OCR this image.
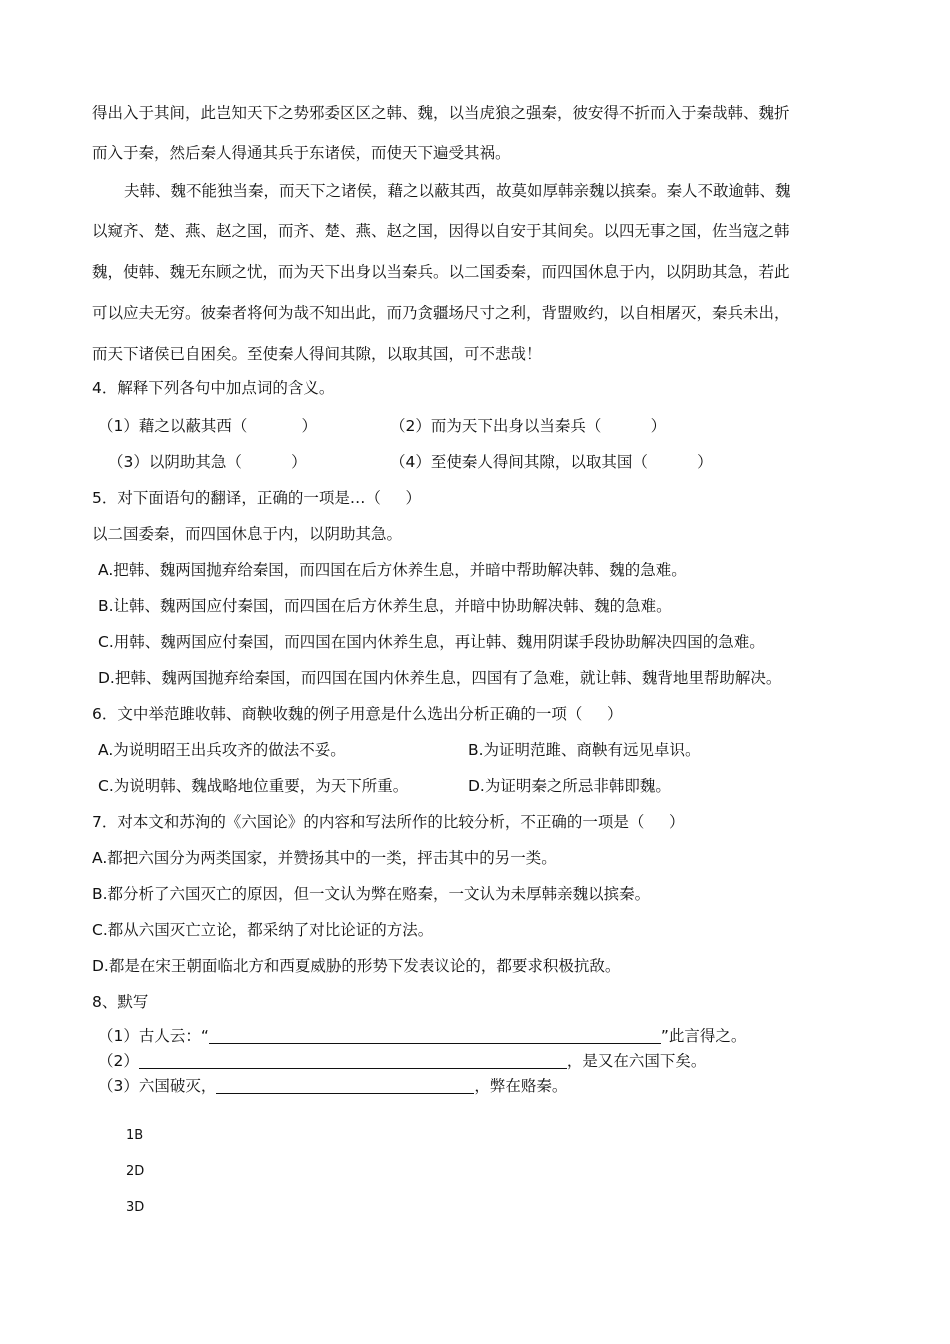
得出入于其间，此岂知天下之势邪委区区之韩、魏，以当虎狼之强秦，彼安得不折而入于秦哉韩、魏折
而入于秦，然后秦人得通其兵于东诸侯，而使天下遍受其祸。
夫韩、魏不能独当秦，而天下之诸侯，藉之以蔽其西，故莫如厚韩亲魏以摈秦。秦人不敢逾韩、魏
以窥齐、楚、燕、赵之国，而齐、楚、燕、赵之国，因得以自安于其间矣。以四无事之国，佐当寇之韩
魏，使韩、魏无东顾之忧，而为天下出身以当秦兵。以二国委秦，而四国休息于内，以阴助其急，若此
可以应夫无穷。彼秦者将何为哉不知出此，而乃贪疆场尺寸之利，背盟败约，以自相屠灭，秦兵未出，
而天下诸侯已自困矣。至使秦人得间其隙，以取其国，可不悲哉！
4．解释下列各句中加点词的含义。
（1）藉之以蔽其西（           ）	（2）而为天下出身以当秦兵（          ）
（3）以阴助其急（          ）	（4）至使秦人得间其隙，以取其国（          ）
5．对下面语句的翻译，正确的一项是…（     ）
以二国委秦，而四国休息于内，以阴助其急。
A.把韩、魏两国抛弃给秦国，而四国在后方休养生息，并暗中帮助解决韩、魏的急难。
B.让韩、魏两国应付秦国，而四国在后方休养生息，并暗中协助解决韩、魏的急难。
C.用韩、魏两国应付秦国，而四国在国内休养生息，再让韩、魏用阴谋手段协助解决四国的急难。
D.把韩、魏两国抛弃给秦国，而四国在国内休养生息，四国有了急难，就让韩、魏背地里帮助解决。
6．文中举范雎收韩、商鞅收魏的例子用意是什么选出分析正确的一项（     ）
A.为说明昭王出兵攻齐的做法不妥。	B.为证明范雎、商鞅有远见卓识。
C.为说明韩、魏战略地位重要，为天下所重。	D.为证明秦之所忌非韩即魏。
7．对本文和苏洵的《六国论》的内容和写法所作的比较分析，不正确的一项是（     ）
A.都把六国分为两类国家，并赞扬其中的一类，抨击其中的另一类。
B.都分析了六国灭亡的原因，但一文认为弊在赂秦，一文认为未厚韩亲魏以摈秦。
C.都从六国灭亡立论，都采纳了对比论证的方法。
D.都是在宋王朝面临北方和西夏威胁的形势下发表议论的，都要求积极抗敌。
8、默写
（1）古人云：“	”此言得之。
（2）	，是又在六国下矣。
（3）六国破灭，	，弊在赂秦。
1B
2D
3D
